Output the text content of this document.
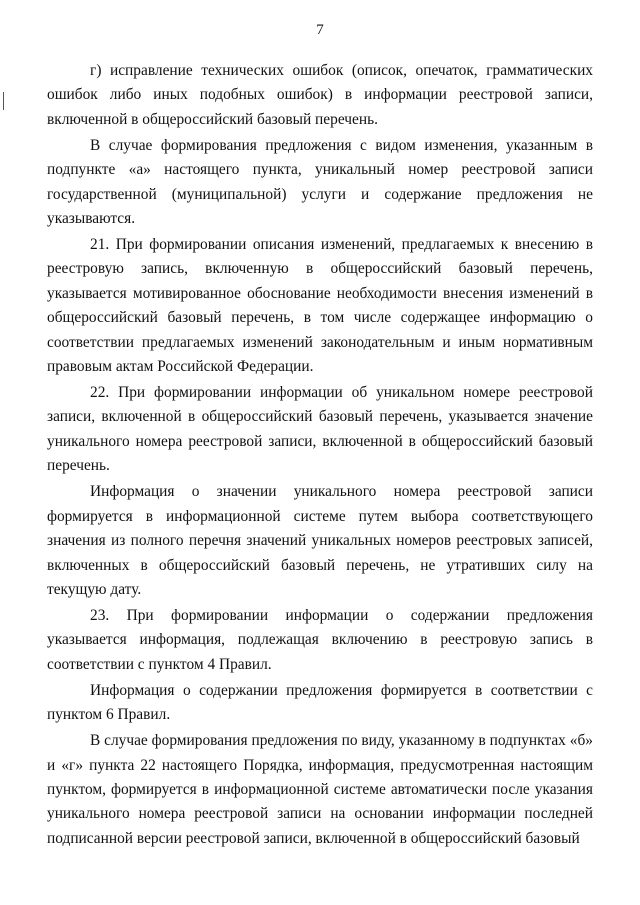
7

г) исправление технических ошибок (описок, опечаток, грамматических ошибок либо иных подобных ошибок) в информации реестровой записи, включенной в общероссийский базовый перечень.

В случае формирования предложения с видом изменения, указанным в подпункте «а» настоящего пункта, уникальный номер реестровой записи государственной (муниципальной) услуги и содержание предложения не указываются.

21. При формировании описания изменений, предлагаемых к внесению в реестровую запись, включенную в общероссийский базовый перечень, указывается мотивированное обоснование необходимости внесения изменений в общероссийский базовый перечень, в том числе содержащее информацию о соответствии предлагаемых изменений законодательным и иным нормативным правовым актам Российской Федерации.

22. При формировании информации об уникальном номере реестровой записи, включенной в общероссийский базовый перечень, указывается значение уникального номера реестровой записи, включенной в общероссийский базовый перечень.

Информация о значении уникального номера реестровой записи формируется в информационной системе путем выбора соответствующего значения из полного перечня значений уникальных номеров реестровых записей, включенных в общероссийский базовый перечень, не утративших силу на текущую дату.

23. При формировании информации о содержании предложения указывается информация, подлежащая включению в реестровую запись в соответствии с пунктом 4 Правил.

Информация о содержании предложения формируется в соответствии с пунктом 6 Правил.

В случае формирования предложения по виду, указанному в подпунктах «б» и «г» пункта 22 настоящего Порядка, информация, предусмотренная настоящим пунктом, формируется в информационной системе автоматически после указания уникального номера реестровой записи на основании информации последней подписанной версии реестровой записи, включенной в общероссийский базовый
